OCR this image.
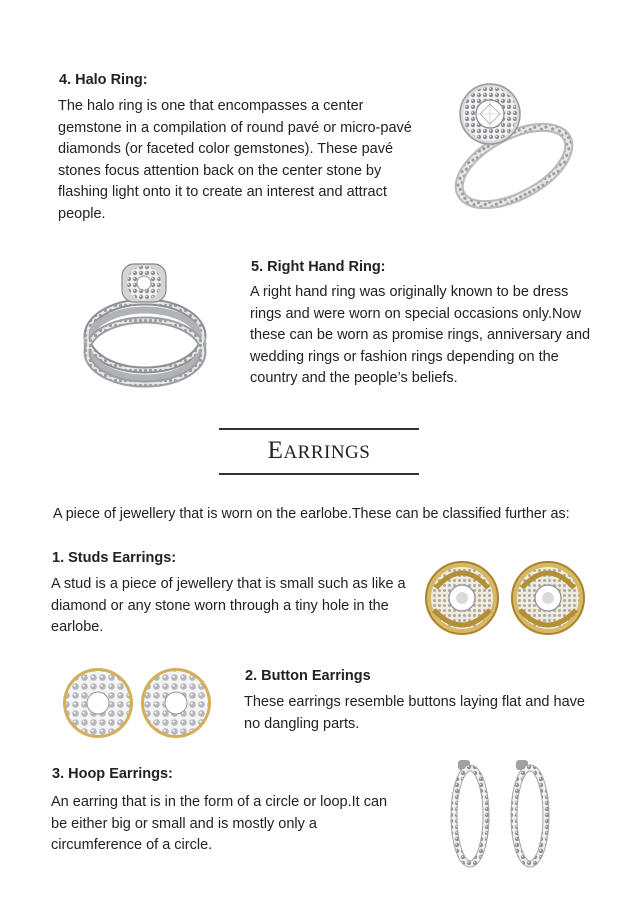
4. Halo Ring:
The halo ring is one that encompasses a center
gemstone in a compilation of round pavé or micro-pavé
diamonds (or faceted color gemstones). These pavé
stones focus attention back on the center stone by
flashing light onto it to create an interest and attract
people.
5. Right Hand Ring:
A right hand ring was originally known to be dress
rings and were worn on special occasions only.Now
these can be worn as promise rings, anniversary and
wedding rings or fashion rings depending on the
country and the people’s beliefs.
EARRINGS
A piece of jewellery that is worn on the earlobe.These can be classified further as:
1. Studs Earrings:
A stud is a piece of jewellery that is small such as like a
diamond or any stone worn through a tiny hole in the
earlobe.
2. Button Earrings
These earrings resemble buttons laying flat and have
no dangling parts.
3. Hoop Earrings:
An earring that is in the form of a circle or loop.It can
be either big or small and is mostly only a
circumference of a circle.
